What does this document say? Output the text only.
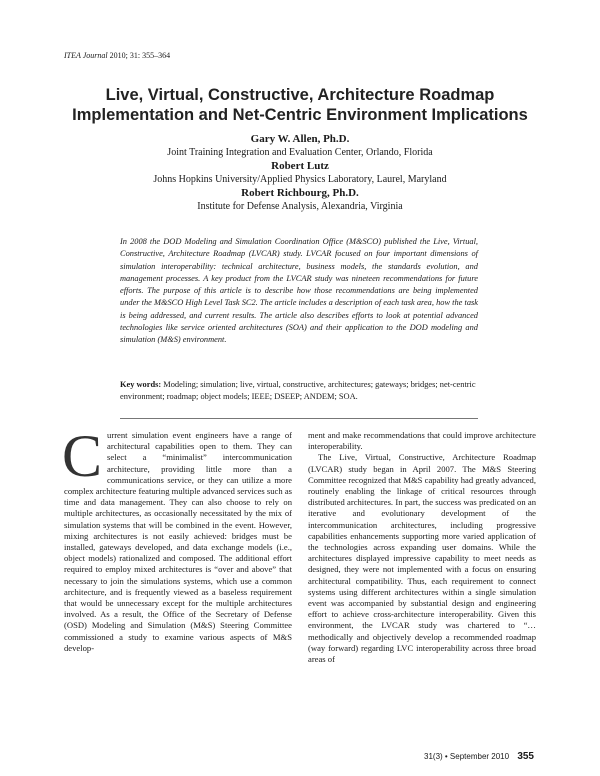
ITEA Journal 2010; 31: 355–364
Live, Virtual, Constructive, Architecture Roadmap
Implementation and Net-Centric Environment Implications
Gary W. Allen, Ph.D.
Joint Training Integration and Evaluation Center, Orlando, Florida
Robert Lutz
Johns Hopkins University/Applied Physics Laboratory, Laurel, Maryland
Robert Richbourg, Ph.D.
Institute for Defense Analysis, Alexandria, Virginia

In 2008 the DOD Modeling and Simulation Coordination Office (M&SCO) published the Live, Virtual, Constructive, Architecture Roadmap (LVCAR) study. LVCAR focused on four important dimensions of simulation interoperability: technical architecture, business models, the standards evolution, and management processes. A key product from the LVCAR study was nineteen recommendations for future efforts. The purpose of this article is to describe how those recommendations are being implemented under the M&SCO High Level Task SC2. The article includes a description of each task area, how the task is being addressed, and current results. The article also describes efforts to look at potential advanced technologies like service oriented architectures (SOA) and their application to the DOD modeling and simulation (M&S) environment.

Key words: Modeling; simulation; live, virtual, constructive, architectures; gateways; bridges; net-centric environment; roadmap; object models; IEEE; DSEEP; ANDEM; SOA.

C urrent simulation event engineers have a range of architectural capabilities open to them. They can select a “minimalist” intercommunication architecture, providing little more than a communications service, or they can utilize a more complex architecture featuring multiple advanced services such as time and data management. They can also choose to rely on multiple architectures, as occasionally necessitated by the mix of simulation systems that will be combined in the event. However, mixing architectures is not easily achieved: bridges must be installed, gateways developed, and data exchange models (i.e., object models) rationalized and composed. The additional effort required to employ mixed architectures is “over and above” that necessary to join the simulations systems, which use a common architecture, and is frequently viewed as a baseless requirement that would be unnecessary except for the multiple architectures involved. As a result, the Office of the Secretary of Defense (OSD) Modeling and Simulation (M&S) Steering Committee commissioned a study to examine various aspects of M&S develop-

ment and make recommendations that could improve architecture interoperability.

The Live, Virtual, Constructive, Architecture Roadmap (LVCAR) study began in April 2007. The M&S Steering Committee recognized that M&S capability had greatly advanced, routinely enabling the linkage of critical resources through distributed architectures. In part, the success was predicated on an iterative and evolutionary development of the intercommunication architectures, including progressive capabilities enhancements supporting more varied application of the technologies across expanding user domains. While the architectures displayed impressive capability to meet needs as designed, they were not implemented with a focus on ensuring architectural compatibility. Thus, each requirement to connect systems using different architectures within a single simulation event was accompanied by substantial design and engineering effort to achieve cross-architecture interoperability. Given this environment, the LVCAR study was chartered to “… methodically and objectively develop a recommended roadmap (way forward) regarding LVC interoperability across three broad areas of

31(3) • September 2010 355
